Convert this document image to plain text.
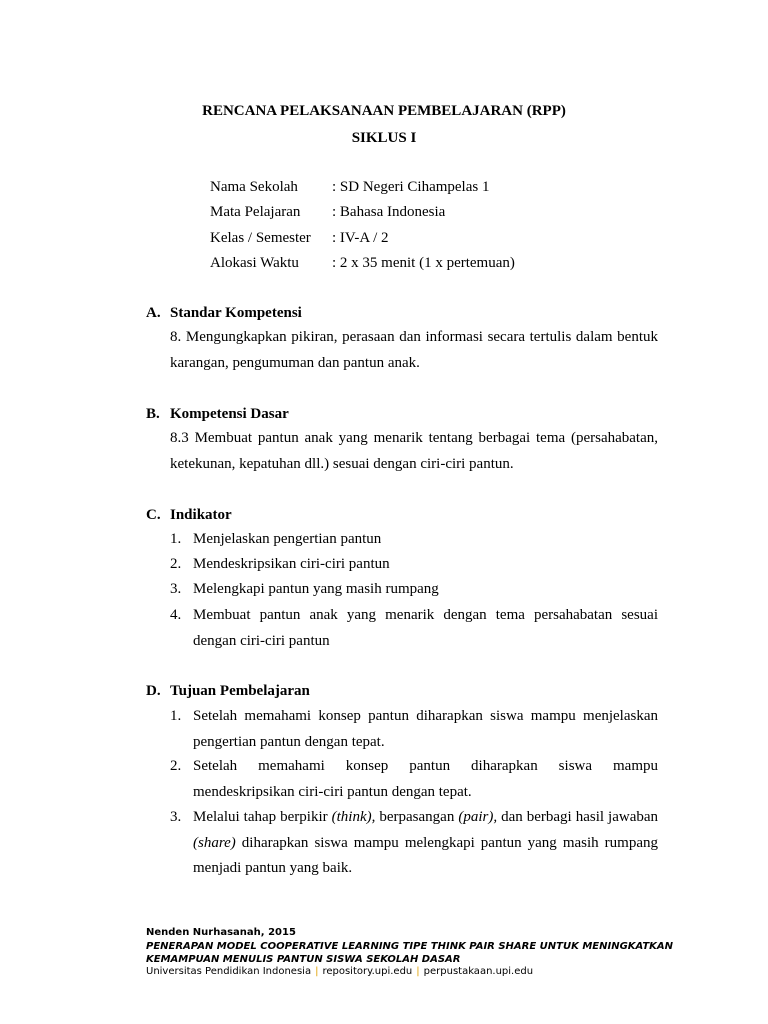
RENCANA PELAKSANAAN PEMBELAJARAN (RPP)
SIKLUS I
Nama Sekolah	: SD Negeri Cihampelas 1
Mata Pelajaran	: Bahasa Indonesia
Kelas / Semester	: IV-A / 2
Alokasi Waktu	: 2 x 35 menit (1 x pertemuan)
A. Standar Kompetensi
8. Mengungkapkan pikiran, perasaan dan informasi secara tertulis dalam bentuk karangan, pengumuman dan pantun anak.
B. Kompetensi Dasar
8.3 Membuat pantun anak yang menarik tentang berbagai tema (persahabatan, ketekunan, kepatuhan dll.) sesuai dengan ciri-ciri pantun.
C. Indikator
1. Menjelaskan pengertian pantun
2. Mendeskripsikan ciri-ciri pantun
3. Melengkapi pantun yang masih rumpang
4. Membuat pantun anak yang menarik dengan tema persahabatan sesuai dengan ciri-ciri pantun
D. Tujuan Pembelajaran
1. Setelah memahami konsep pantun diharapkan siswa mampu menjelaskan pengertian pantun dengan tepat.
2. Setelah memahami konsep pantun diharapkan siswa mampu mendeskripsikan ciri-ciri pantun dengan tepat.
3. Melalui tahap berpikir (think), berpasangan (pair), dan berbagi hasil jawaban (share) diharapkan siswa mampu melengkapi pantun yang masih rumpang menjadi pantun yang baik.
Nenden Nurhasanah, 2015
PENERAPAN MODEL COOPERATIVE LEARNING TIPE THINK PAIR SHARE UNTUK MENINGKATKAN
KEMAMPUAN MENULIS PANTUN SISWA SEKOLAH DASAR
Universitas Pendidikan Indonesia | repository.upi.edu | perpustakaan.upi.edu
